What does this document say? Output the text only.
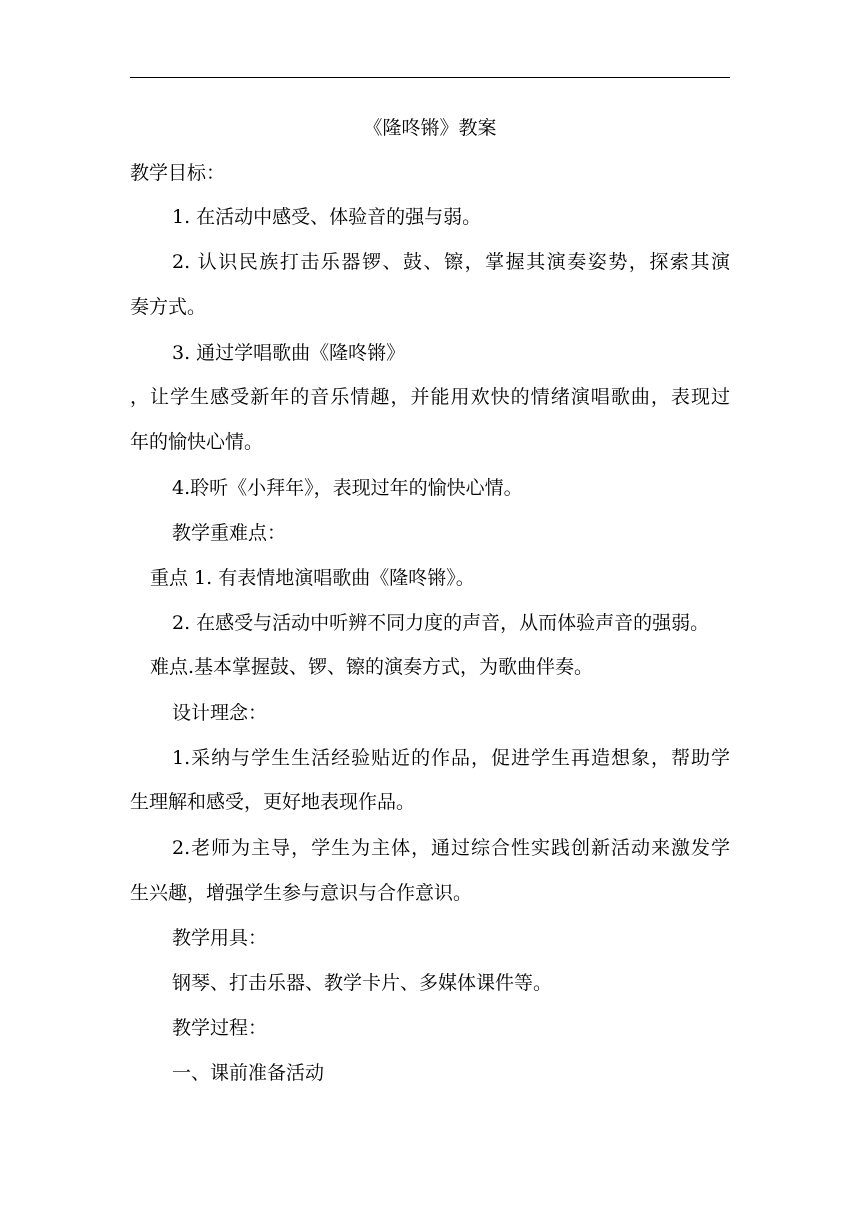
《隆咚锵》教案
教学目标：
1. 在活动中感受、体验音的强与弱。
2. 认识民族打击乐器锣、鼓、镲，掌握其演奏姿势，探索其演
奏方式。
3. 通过学唱歌曲《隆咚锵》
，让学生感受新年的音乐情趣，并能用欢快的情绪演唱歌曲，表现过
年的愉快心情。
4.聆听《小拜年》，表现过年的愉快心情。
教学重难点：
重点 1. 有表情地演唱歌曲《隆咚锵》。
2. 在感受与活动中听辨不同力度的声音，从而体验声音的强弱。
难点.基本掌握鼓、锣、镲的演奏方式，为歌曲伴奏。
设计理念：
1.采纳与学生生活经验贴近的作品，促进学生再造想象，帮助学
生理解和感受，更好地表现作品。
2.老师为主导，学生为主体，通过综合性实践创新活动来激发学
生兴趣，增强学生参与意识与合作意识。
教学用具：
钢琴、打击乐器、教学卡片、多媒体课件等。
教学过程：
一、课前准备活动
